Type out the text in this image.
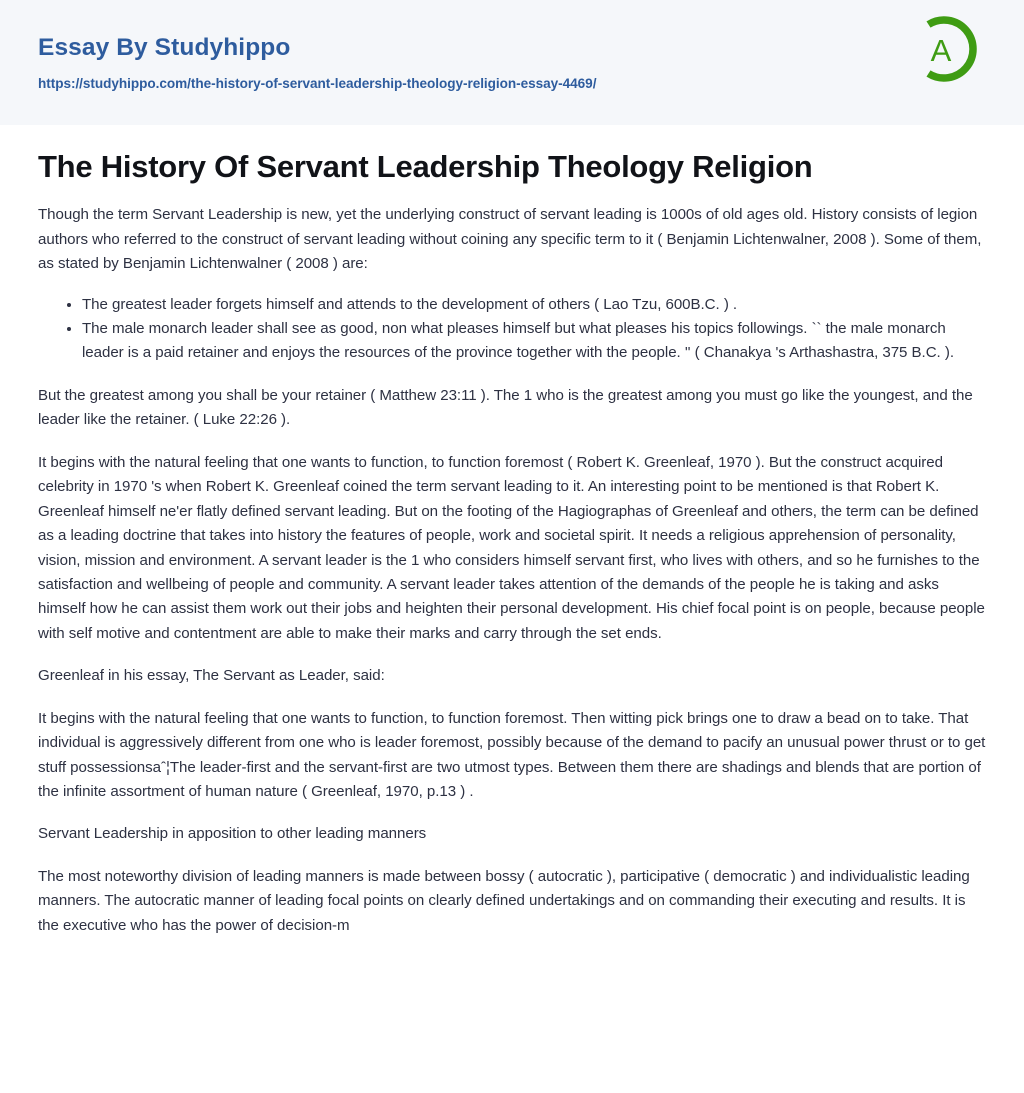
Essay By Studyhippo
https://studyhippo.com/the-history-of-servant-leadership-theology-religion-essay-4469/
A
The History Of Servant Leadership Theology Religion

Though the term Servant Leadership is new, yet the underlying construct of servant leading is 1000s of old ages old. History consists of legion authors who referred to the construct of servant leading without coining any specific term to it ( Benjamin Lichtenwalner, 2008 ). Some of them, as stated by Benjamin Lichtenwalner ( 2008 ) are:

• The greatest leader forgets himself and attends to the development of others ( Lao Tzu, 600B.C. ) .
• The male monarch leader shall see as good, non what pleases himself but what pleases his topics followings. `` the male monarch leader is a paid retainer and enjoys the resources of the province together with the people. '' ( Chanakya 's Arthashastra, 375 B.C. ).

But the greatest among you shall be your retainer ( Matthew 23:11 ). The 1 who is the greatest among you must go like the youngest, and the leader like the retainer. ( Luke 22:26 ).

It begins with the natural feeling that one wants to function, to function foremost ( Robert K. Greenleaf, 1970 ). But the construct acquired celebrity in 1970 's when Robert K. Greenleaf coined the term servant leading to it. An interesting point to be mentioned is that Robert K. Greenleaf himself ne'er flatly defined servant leading. But on the footing of the Hagiographas of Greenleaf and others, the term can be defined as a leading doctrine that takes into history the features of people, work and societal spirit. It needs a religious apprehension of personality, vision, mission and environment. A servant leader is the 1 who considers himself servant first, who lives with others, and so he furnishes to the satisfaction and wellbeing of people and community. A servant leader takes attention of the demands of the people he is taking and asks himself how he can assist them work out their jobs and heighten their personal development. His chief focal point is on people, because people with self motive and contentment are able to make their marks and carry through the set ends.

Greenleaf in his essay, The Servant as Leader, said:

It begins with the natural feeling that one wants to function, to function foremost. Then witting pick brings one to draw a bead on to take. That individual is aggressively different from one who is leader foremost, possibly because of the demand to pacify an unusual power thrust or to get stuff possessionsaˆ¦The leader-first and the servant-first are two utmost types. Between them there are shadings and blends that are portion of the infinite assortment of human nature ( Greenleaf, 1970, p.13 ) .

Servant Leadership in apposition to other leading manners

The most noteworthy division of leading manners is made between bossy ( autocratic ), participative ( democratic ) and individualistic leading manners. The autocratic manner of leading focal points on clearly defined undertakings and on commanding their executing and results. It is the executive who has the power of decision-m
